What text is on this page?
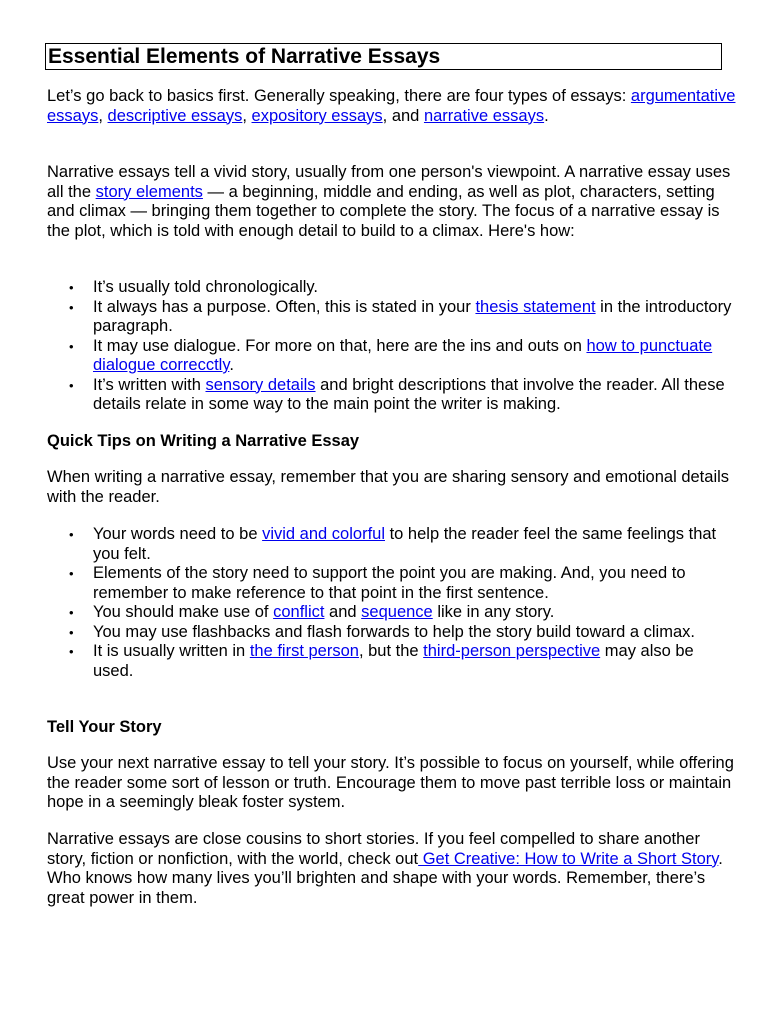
Essential Elements of Narrative Essays

Let’s go back to basics first. Generally speaking, there are four types of essays: argumentative essays, descriptive essays, expository essays, and narrative essays.

Narrative essays tell a vivid story, usually from one person's viewpoint. A narrative essay uses all the story elements — a beginning, middle and ending, as well as plot, characters, setting and climax — bringing them together to complete the story. The focus of a narrative essay is the plot, which is told with enough detail to build to a climax. Here's how:

• It’s usually told chronologically.
• It always has a purpose. Often, this is stated in your thesis statement in the introductory paragraph.
• It may use dialogue. For more on that, here are the ins and outs on how to punctuate dialogue correcctly.
• It’s written with sensory details and bright descriptions that involve the reader. All these details relate in some way to the main point the writer is making.
Quick Tips on Writing a Narrative Essay

When writing a narrative essay, remember that you are sharing sensory and emotional details with the reader.

• Your words need to be vivid and colorful to help the reader feel the same feelings that you felt.
• Elements of the story need to support the point you are making. And, you need to remember to make reference to that point in the first sentence.
• You should make use of conflict and sequence like in any story.
• You may use flashbacks and flash forwards to help the story build toward a climax.
• It is usually written in the first person, but the third-person perspective may also be used.
Tell Your Story

Use your next narrative essay to tell your story. It’s possible to focus on yourself, while offering the reader some sort of lesson or truth. Encourage them to move past terrible loss or maintain hope in a seemingly bleak foster system.

Narrative essays are close cousins to short stories. If you feel compelled to share another story, fiction or nonfiction, with the world, check out Get Creative: How to Write a Short Story. Who knows how many lives you’ll brighten and shape with your words. Remember, there’s great power in them.
